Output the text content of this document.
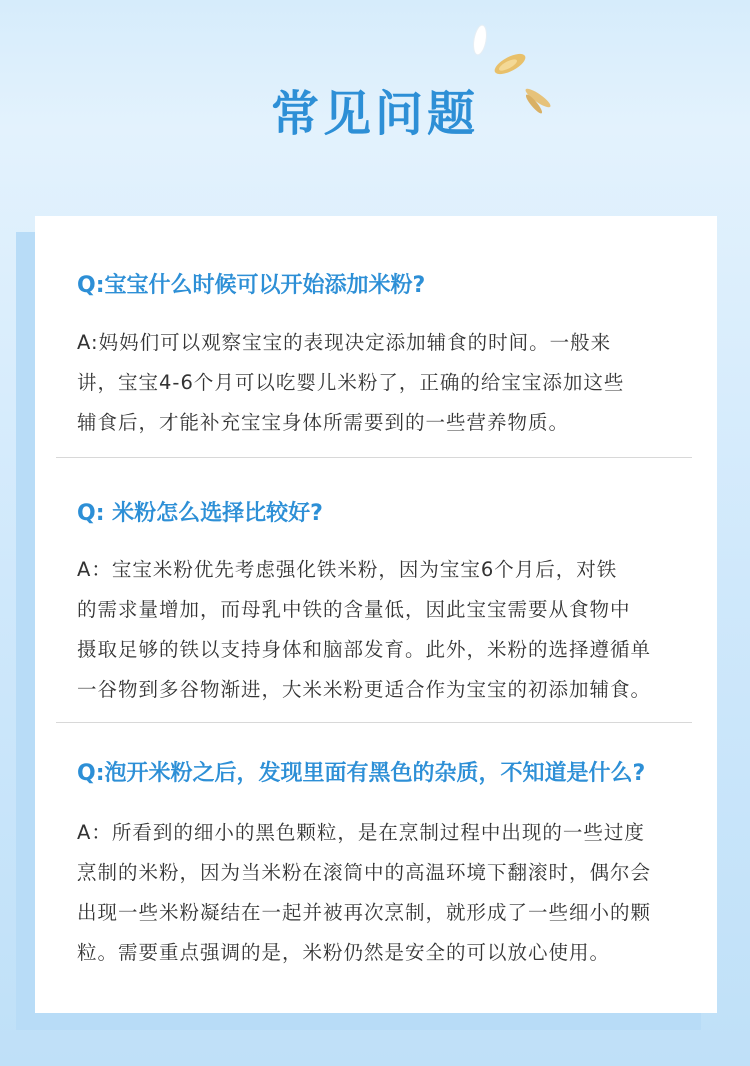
常见问题
Q:宝宝什么时候可以开始添加米粉?
A:妈妈们可以观察宝宝的表现决定添加辅食的时间。一般来
讲，宝宝4-6个月可以吃婴儿米粉了，正确的给宝宝添加这些
辅食后，才能补充宝宝身体所需要到的一些营养物质。
Q: 米粉怎么选择比较好?
A：宝宝米粉优先考虑强化铁米粉，因为宝宝6个月后，对铁
的需求量增加，而母乳中铁的含量低，因此宝宝需要从食物中
摄取足够的铁以支持身体和脑部发育。此外，米粉的选择遵循单
一谷物到多谷物渐进，大米米粉更适合作为宝宝的初添加辅食。
Q:泡开米粉之后，发现里面有黑色的杂质，不知道是什么?
A：所看到的细小的黑色颗粒，是在烹制过程中出现的一些过度
烹制的米粉，因为当米粉在滚筒中的高温环境下翻滚时，偶尔会
出现一些米粉凝结在一起并被再次烹制，就形成了一些细小的颗
粒。需要重点强调的是，米粉仍然是安全的可以放心使用。
